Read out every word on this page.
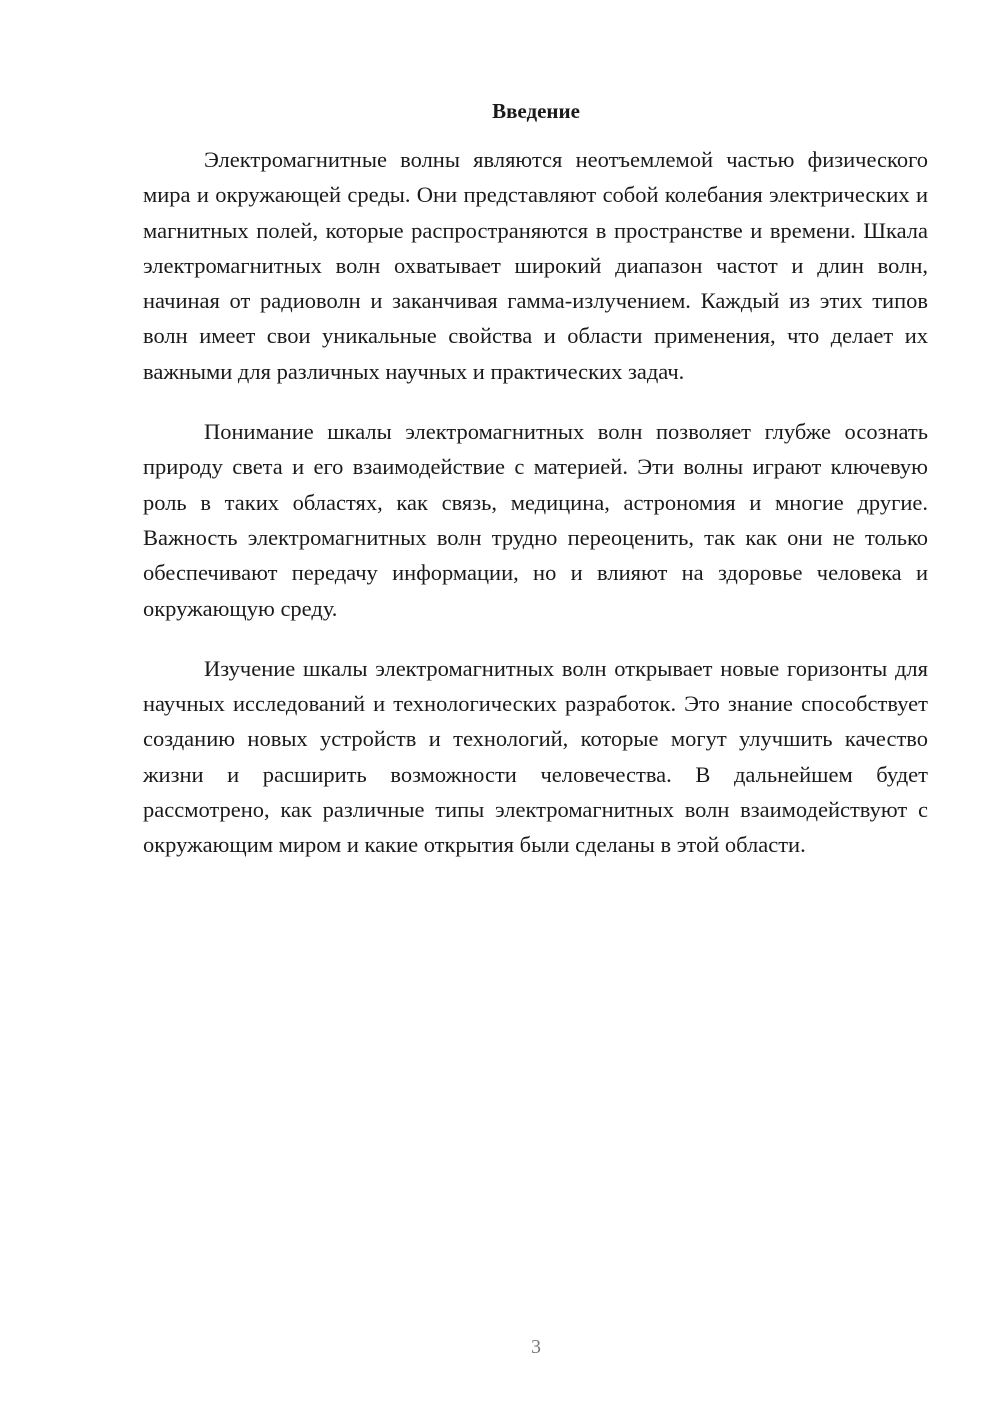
Введение

Электромагнитные волны являются неотъемлемой частью физического мира и окружающей среды. Они представляют собой колебания электрических и магнитных полей, которые распространяются в пространстве и времени. Шкала электромагнитных волн охватывает широкий диапазон частот и длин волн, начиная от радиоволн и заканчивая гамма-излучением. Каждый из этих типов волн имеет свои уникальные свойства и области применения, что делает их важными для различных научных и практических задач.

Понимание шкалы электромагнитных волн позволяет глубже осознать природу света и его взаимодействие с материей. Эти волны играют ключевую роль в таких областях, как связь, медицина, астрономия и многие другие. Важность электромагнитных волн трудно переоценить, так как они не только обеспечивают передачу информации, но и влияют на здоровье человека и окружающую среду.

Изучение шкалы электромагнитных волн открывает новые горизонты для научных исследований и технологических разработок. Это знание способствует созданию новых устройств и технологий, которые могут улучшить качество жизни и расширить возможности человечества. В дальнейшем будет рассмотрено, как различные типы электромагнитных волн взаимодействуют с окружающим миром и какие открытия были сделаны в этой области.

3
